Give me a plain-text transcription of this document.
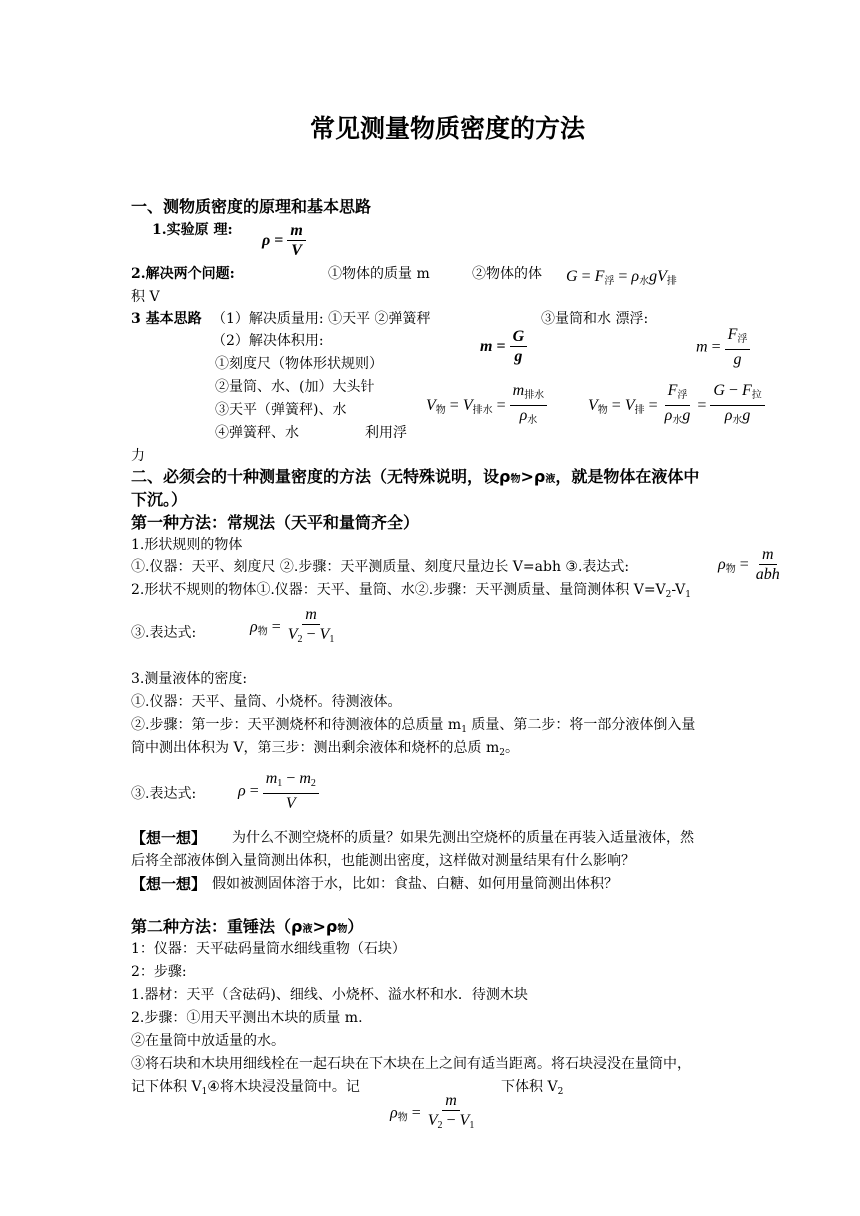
常见测量物质密度的方法
一、测物质密度的原理和基本思路
1.实验原 理:
$\rho = \frac{m}{V}$
2.解决两个问题:	①物体的质量 m	②物体的体 $G = F_浮 = \rho_水gV_排$
积 V
3 基本思路 （1）解决质量用: ①天平 ②弹簧秤	③量筒和水 漂浮:
（2）解决体积用:
①刻度尺（物体形状规则）
②量筒、水、(加）大头针
③天平（弹簧秤)、水
④弹簧秤、水	利用浮
力
$m = \frac{G}{g}$	$m = \frac{F_浮}{g}$
$V_物 = V_{排水} = \frac{m_{排水}}{\rho_水}$	$V_物 = V_排 = \frac{F_浮}{\rho_水g} = \frac{G - F_拉}{\rho_水g}$
二、必须会的十种测量密度的方法（无特殊说明，设ρ物>ρ液，就是物体在液体中
下沉。）
第一种方法：常规法（天平和量筒齐全）
1.形状规则的物体
①.仪器：天平、刻度尺 ②.步骤：天平测质量、刻度尺量边长 V=abh ③.表达式:	$\rho_物 = \frac{m}{\text{abh}}$
2.形状不规则的物体①.仪器：天平、量筒、水②.步骤：天平测质量、量筒测体积 $V=V_2-V_1$
③.表达式:	$\rho_物 = \frac{m}{V_2 - V_1}$
3.测量液体的密度:
①.仪器：天平、量筒、小烧杯。待测液体。
②.步骤：第一步：天平测烧杯和待测液体的总质量 $m_1$ 质量、第二步：将一部分液体倒入量
筒中测出体积为 V，第三步：测出剩余液体和烧杯的总质 $m_2$。
③.表达式:	$\rho = \frac{m_1 - m_2}{V}$
【想一想】 为什么不测空烧杯的质量？如果先测出空烧杯的质量在再装入适量液体，然
后将全部液体倒入量筒测出体积，也能测出密度，这样做对测量结果有什么影响？
【想一想】 假如被测固体溶于水，比如：食盐、白糖、如何用量筒测出体积？
第二种方法：重锤法（ρ液>ρ物）
1：仪器：天平砝码量筒水细线重物（石块）
2：步骤:
1.器材：天平（含砝码)、细线、小烧杯、溢水杯和水．待测木块
2.步骤：①用天平测出木块的质量 m.
②在量筒中放适量的水。
③将石块和木块用细线栓在一起石块在下木块在上之间有适当距离。将石块浸没在量筒中，
记下体积 $V_1④$将木块浸没量筒中。记	下体积 $V_2$
$\rho_物 = \frac{m}{V_2 - V_1}$
